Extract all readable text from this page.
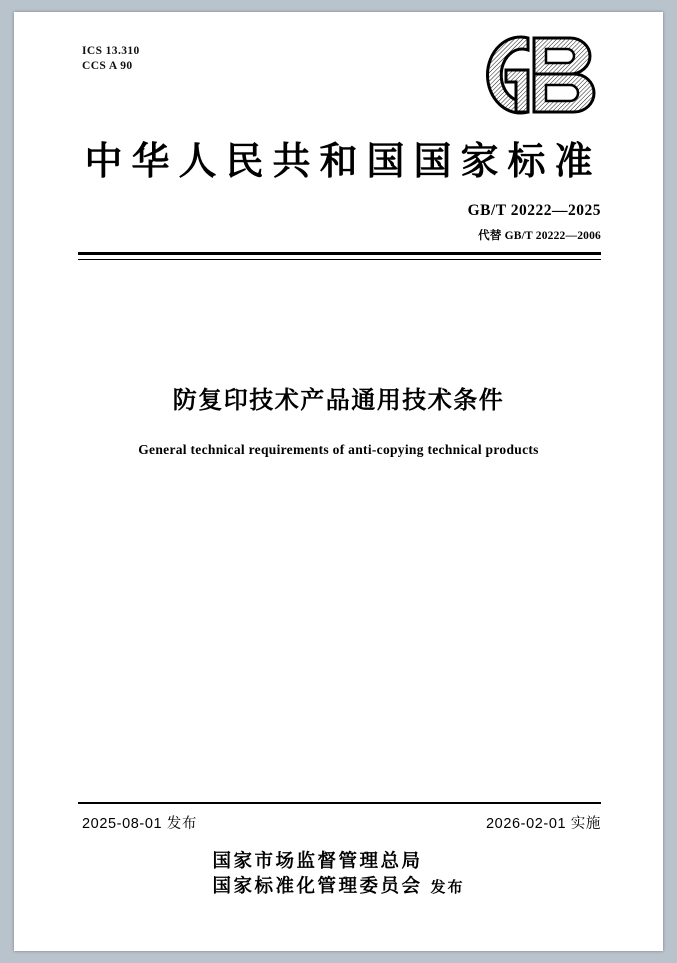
ICS 13.310
CCS A 90
中华人民共和国国家标准
GB/T 20222—2025
代替 GB/T 20222—2006
防复印技术产品通用技术条件
General technical requirements of anti-copying technical products
2025-08-01 发布	2026-02-01 实施
国家市场监督管理总局
国家标准化管理委员会 发布
